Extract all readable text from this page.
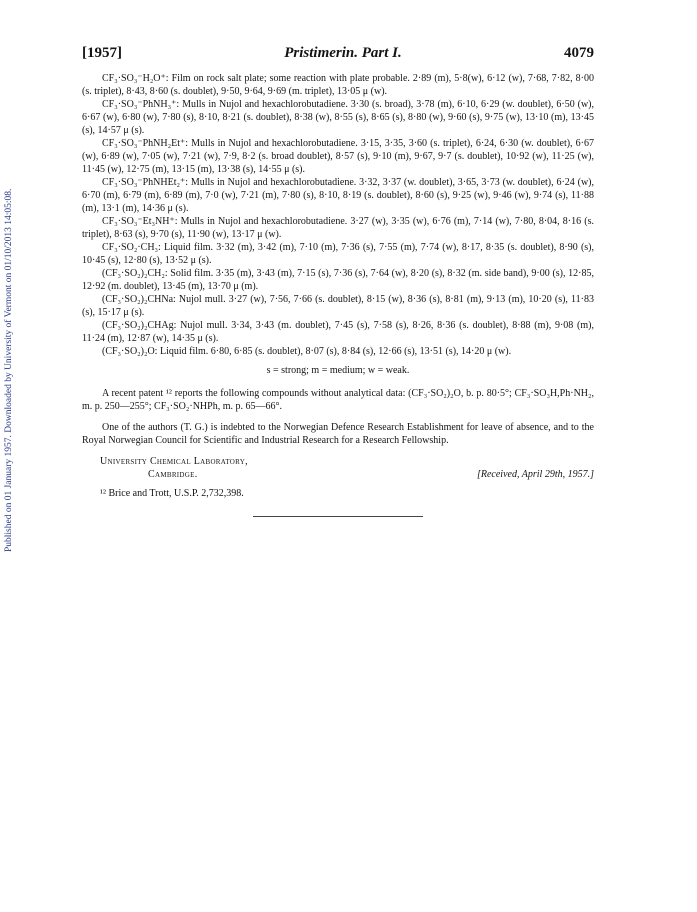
Published on 01 January 1957. Downloaded by University of Vermont on 01/10/2013 14:05:08.
[1957]	Pristimerin. Part I.	4079

CF₃·SO₃⁻H₂O⁺: Film on rock salt plate; some reaction with plate probable. 2·89 (m), 5·8(w), 6·12 (w), 7·68, 7·82, 8·00 (s. triplet), 8·43, 8·60 (s. doublet), 9·50, 9·64, 9·69 (m. triplet), 13·05 μ (w).

CF₃·SO₃⁻PhNH₃⁺: Mulls in Nujol and hexachlorobutadiene. 3·30 (s. broad), 3·78 (m), 6·10, 6·29 (w. doublet), 6·50 (w), 6·67 (w), 6·80 (w), 7·80 (s), 8·10, 8·21 (s. doublet), 8·38 (w), 8·55 (s), 8·65 (s), 8·80 (w), 9·60 (s), 9·75 (w), 13·10 (m), 13·45 (s), 14·57 μ (s).

CF₃·SO₃⁻PhNH₂Et⁺: Mulls in Nujol and hexachlorobutadiene. 3·15, 3·35, 3·60 (s. triplet), 6·24, 6·30 (w. doublet), 6·67 (w), 6·89 (w), 7·05 (w), 7·21 (w), 7·9, 8·2 (s. broad doublet), 8·57 (s), 9·10 (m), 9·67, 9·7 (s. doublet), 10·92 (w), 11·25 (w), 11·45 (w), 12·75 (m), 13·15 (m), 13·38 (s), 14·55 μ (s).

CF₃·SO₃⁻PhNHEt₂⁺: Mulls in Nujol and hexachlorobutadiene. 3·32, 3·37 (w. doublet), 3·65, 3·73 (w. doublet), 6·24 (w), 6·70 (m), 6·79 (m), 6·89 (m), 7·0 (w), 7·21 (m), 7·80 (s), 8·10, 8·19 (s. doublet), 8·60 (s), 9·25 (w), 9·46 (w), 9·74 (s), 11·88 (m), 13·1 (m), 14·36 μ (s).

CF₃·SO₃⁻Et₃NH⁺: Mulls in Nujol and hexachlorobutadiene. 3·27 (w), 3·35 (w), 6·76 (m), 7·14 (w), 7·80, 8·04, 8·16 (s. triplet), 8·63 (s), 9·70 (s), 11·90 (w), 13·17 μ (w).

CF₃·SO₂·CH₃: Liquid film. 3·32 (m), 3·42 (m), 7·10 (m), 7·36 (s), 7·55 (m), 7·74 (w), 8·17, 8·35 (s. doublet), 8·90 (s), 10·45 (s), 12·80 (s), 13·52 μ (s).

(CF₃·SO₂)₂CH₂: Solid film. 3·35 (m), 3·43 (m), 7·15 (s), 7·36 (s), 7·64 (w), 8·20 (s), 8·32 (m. side band), 9·00 (s), 12·85, 12·92 (m. doublet), 13·45 (m), 13·70 μ (m).

(CF₃·SO₂)₂CHNa: Nujol mull. 3·27 (w), 7·56, 7·66 (s. doublet), 8·15 (w), 8·36 (s), 8·81 (m), 9·13 (m), 10·20 (s), 11·83 (s), 15·17 μ (s).

(CF₃·SO₂)₂CHAg: Nujol mull. 3·34, 3·43 (m. doublet), 7·45 (s), 7·58 (s), 8·26, 8·36 (s. doublet), 8·88 (m), 9·08 (m), 11·24 (m), 12·87 (w), 14·35 μ (s).

(CF₃·SO₂)₂O: Liquid film. 6·80, 6·85 (s. doublet), 8·07 (s), 8·84 (s), 12·66 (s), 13·51 (s), 14·20 μ (w).

s = strong; m = medium; w = weak.

A recent patent ¹² reports the following compounds without analytical data: (CF₃·SO₂)₂O, b. p. 80·5°; CF₃·SO₃H,Ph·NH₂, m. p. 250—255°; CF₃·SO₂·NHPh, m. p. 65—66°.

One of the authors (T. G.) is indebted to the Norwegian Defence Research Establishment for leave of absence, and to the Royal Norwegian Council for Scientific and Industrial Research for a Research Fellowship.

University Chemical Laboratory,
Cambridge.	[Received, April 29th, 1957.]
¹² Brice and Trott, U.S.P. 2,732,398.
